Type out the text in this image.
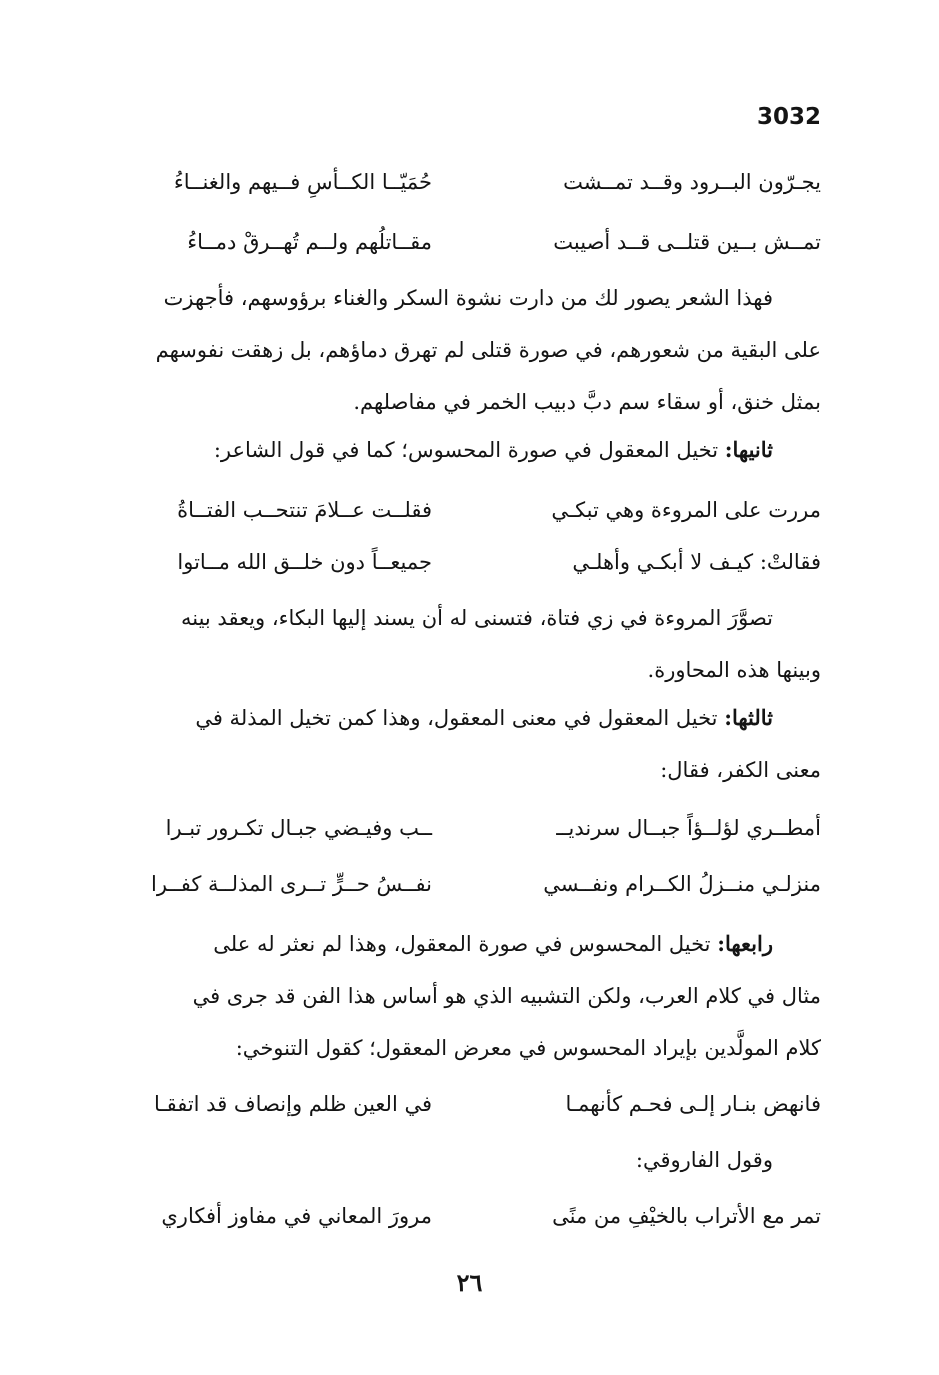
3032
يجـرّون البــرود وقــد تمــشت
حُمَيّــا الكــأسِ فــيهم والغنــاءُ
تمــش بــين قتلــى قــد أصيبت
مقــاتلُهم ولــم تُهــرقْ دمــاءُ
فهذا الشعر يصور لك من دارت نشوة السكر والغناء برؤوسهم، فأجهزت
على البقية من شعورهم، في صورة قتلى لم تهرق دماؤهم، بل زهقت نفوسهم
بمثل خنق، أو سقاء سم دبَّ دبيب الخمر في مفاصلهم.
ثانيها: تخيل المعقول في صورة المحسوس؛ كما في قول الشاعر:
مررت على المروءة وهي تبكـي
فقلــت عــلامَ تنتحــب الفتــاةُ
فقالتْ: كيـف لا أبكـي وأهلـي
جميعــاً دون خلــق الله مــاتوا
تصوَّرَ المروءة في زي فتاة، فتسنى له أن يسند إليها البكاء، ويعقد بينه
وبينها هذه المحاورة.
ثالثها: تخيل المعقول في معنى المعقول، وهذا كمن تخيل المذلة في
معنى الكفر، فقال:
أمطــري لؤلــؤاً جبــال سرنديــ
ــب وفيـضي جبـال تكـرور تبـرا
منزلـي منــزلُ الكــرام ونفــسي
نفــسُ حــرٍّ تــرى المذلــة كفــرا
رابعها: تخيل المحسوس في صورة المعقول، وهذا لم نعثر له على
مثال في كلام العرب، ولكن التشبيه الذي هو أساس هذا الفن قد جرى في
كلام المولَّدين بإيراد المحسوس في معرض المعقول؛ كقول التنوخي:
فانهض بنـار إلـى فحـم كأنهمـا
في العين ظلم وإنصاف قد اتفقـا
وقول الفاروقي:
تمر مع الأتراب بالخيْفِ من منًى
مرورَ المعاني في مفاوز أفكاري
٢٦
